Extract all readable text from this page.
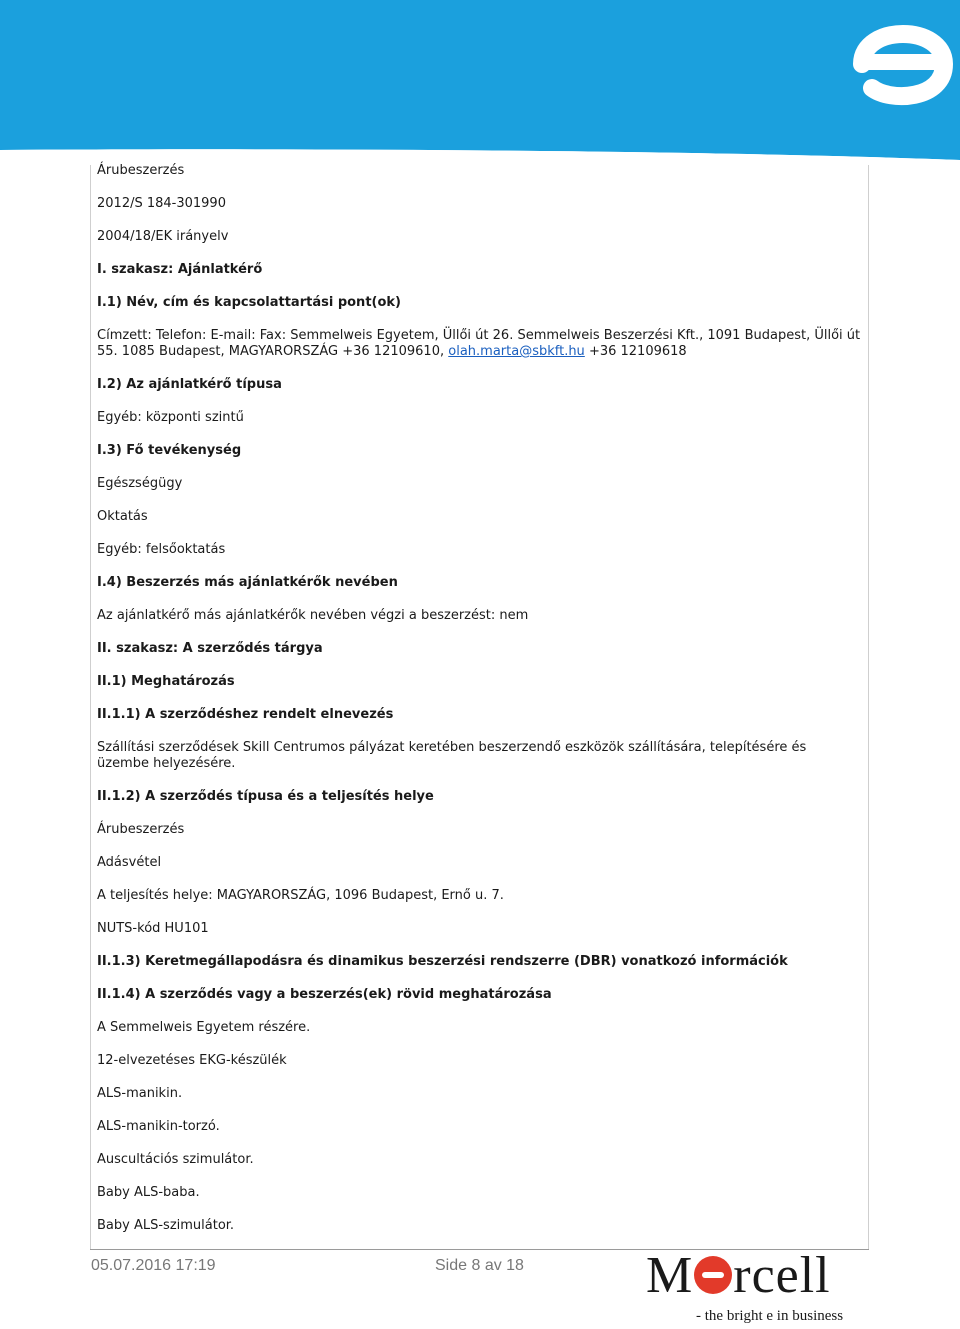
Árubeszerzés

2012/S 184-301990

2004/18/EK irányelv

I. szakasz: Ajánlatkérő

I.1) Név, cím és kapcsolattartási pont(ok)

Címzett: Telefon: E-mail: Fax: Semmelweis Egyetem, Üllői út 26. Semmelweis Beszerzési Kft., 1091 Budapest, Üllői út 55. 1085 Budapest, MAGYARORSZÁG +36 12109610, olah.marta@sbkft.hu +36 12109618

I.2) Az ajánlatkérő típusa

Egyéb: központi szintű

I.3) Fő tevékenység

Egészségügy

Oktatás

Egyéb: felsőoktatás

I.4) Beszerzés más ajánlatkérők nevében

Az ajánlatkérő más ajánlatkérők nevében végzi a beszerzést: nem

II. szakasz: A szerződés tárgya

II.1) Meghatározás

II.1.1) A szerződéshez rendelt elnevezés

Szállítási szerződések Skill Centrumos pályázat keretében beszerzendő eszközök szállítására, telepítésére és üzembe helyezésére.

II.1.2) A szerződés típusa és a teljesítés helye

Árubeszerzés

Adásvétel

A teljesítés helye: MAGYARORSZÁG, 1096 Budapest, Ernő u. 7.

NUTS-kód HU101

II.1.3) Keretmegállapodásra és dinamikus beszerzési rendszerre (DBR) vonatkozó információk

II.1.4) A szerződés vagy a beszerzés(ek) rövid meghatározása

A Semmelweis Egyetem részére.

12-elvezetéses EKG-készülék

ALS-manikin.

ALS-manikin-torzó.

Auscultációs szimulátor.

Baby ALS-baba.

Baby ALS-szimulátor.

05.07.2016 17:19	Side 8 av 18 M rcell
- the bright e in business
